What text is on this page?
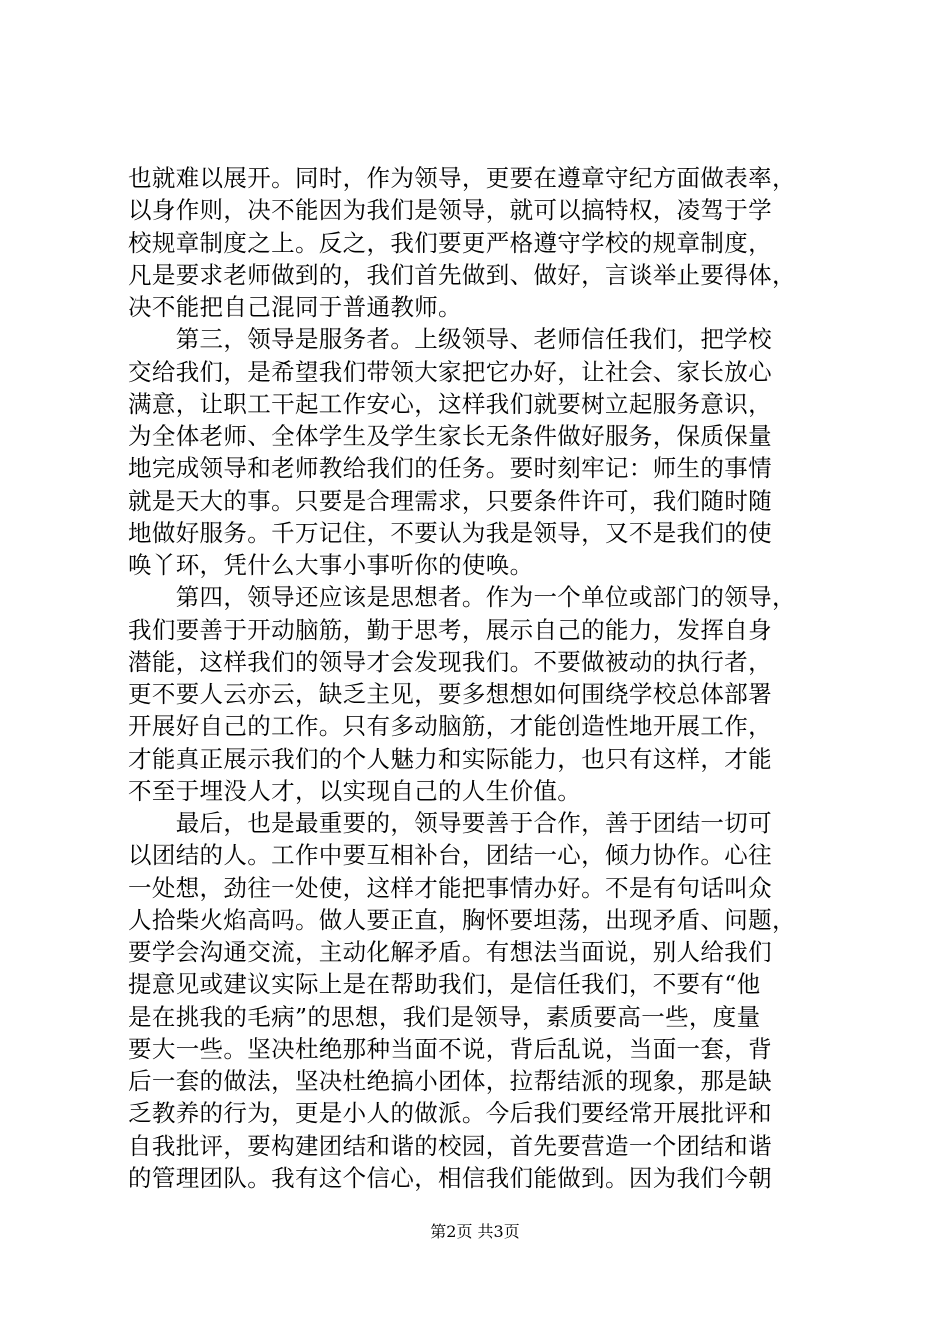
也就难以展开。同时，作为领导，更要在遵章守纪方面做表率，
以身作则，决不能因为我们是领导，就可以搞特权，凌驾于学
校规章制度之上。反之，我们要更严格遵守学校的规章制度，
凡是要求老师做到的，我们首先做到、做好，言谈举止要得体，
决不能把自己混同于普通教师。
　　第三，领导是服务者。上级领导、老师信任我们，把学校
交给我们，是希望我们带领大家把它办好，让社会、家长放心
满意，让职工干起工作安心，这样我们就要树立起服务意识，
为全体老师、全体学生及学生家长无条件做好服务，保质保量
地完成领导和老师教给我们的任务。要时刻牢记：师生的事情
就是天大的事。只要是合理需求，只要条件许可，我们随时随
地做好服务。千万记住，不要认为我是领导，又不是我们的使
唤丫环，凭什么大事小事听你的使唤。
　　第四，领导还应该是思想者。作为一个单位或部门的领导，
我们要善于开动脑筋，勤于思考，展示自己的能力，发挥自身
潜能，这样我们的领导才会发现我们。不要做被动的执行者，
更不要人云亦云，缺乏主见，要多想想如何围绕学校总体部署
开展好自己的工作。只有多动脑筋，才能创造性地开展工作，
才能真正展示我们的个人魅力和实际能力，也只有这样，才能
不至于埋没人才，以实现自己的人生价值。
　　最后，也是最重要的，领导要善于合作，善于团结一切可
以团结的人。工作中要互相补台，团结一心，倾力协作。心往
一处想，劲往一处使，这样才能把事情办好。不是有句话叫众
人拾柴火焰高吗。做人要正直，胸怀要坦荡，出现矛盾、问题，
要学会沟通交流，主动化解矛盾。有想法当面说，别人给我们
提意见或建议实际上是在帮助我们，是信任我们，不要有“他
是在挑我的毛病”的思想，我们是领导，素质要高一些，度量
要大一些。坚决杜绝那种当面不说，背后乱说，当面一套，背
后一套的做法，坚决杜绝搞小团体，拉帮结派的现象，那是缺
乏教养的行为，更是小人的做派。今后我们要经常开展批评和
自我批评，要构建团结和谐的校园，首先要营造一个团结和谐
的管理团队。我有这个信心，相信我们能做到。因为我们今朝
第2页 共3页
